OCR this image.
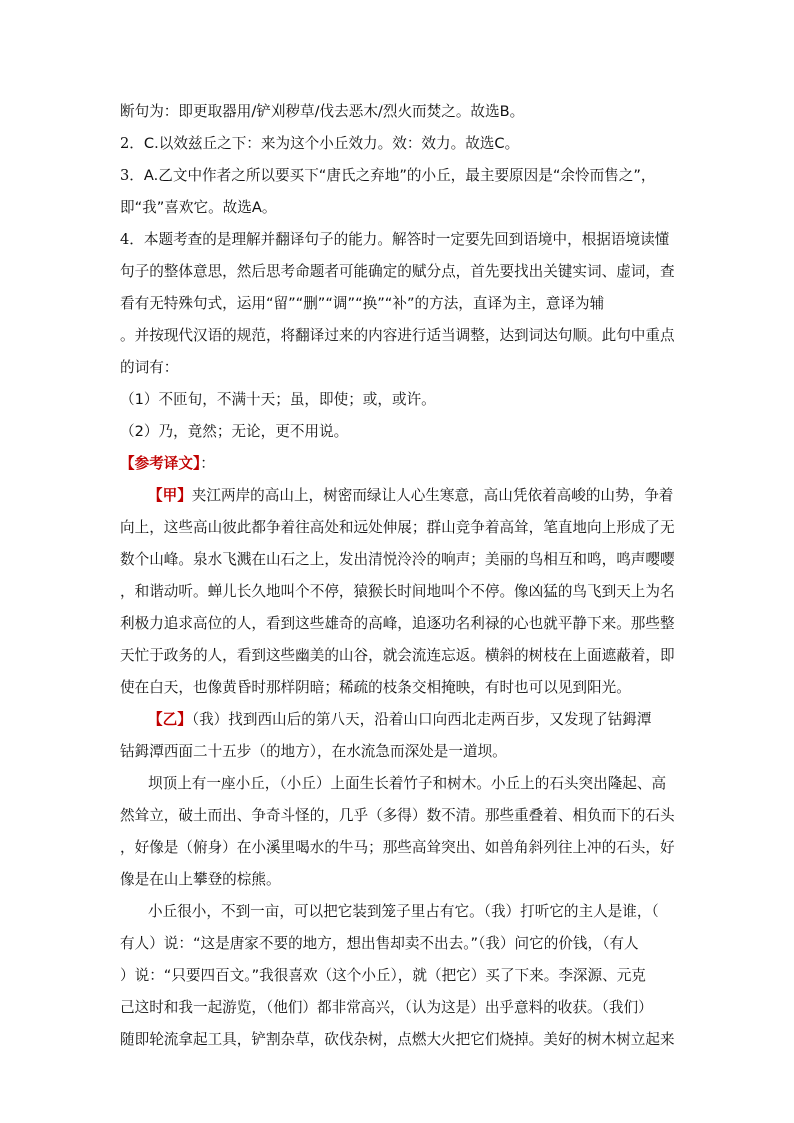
断句为：即更取器用/铲刈秽草/伐去恶木/烈火而焚之。故选B。
2．C.以效兹丘之下：来为这个小丘效力。效：效力。故选C。
3．A.乙文中作者之所以要买下“唐氏之弃地”的小丘，最主要原因是“余怜而售之”，
即“我”喜欢它。故选A。
4．本题考查的是理解并翻译句子的能力。解答时一定要先回到语境中，根据语境读懂
句子的整体意思，然后思考命题者可能确定的赋分点，首先要找出关键实词、虚词，查
看有无特殊句式，运用“留”“删”“调”“换”“补”的方法，直译为主，意译为辅
。并按现代汉语的规范，将翻译过来的内容进行适当调整，达到词达句顺。此句中重点
的词有：
（1）不匝旬，不满十天；虽，即使；或，或许。
（2）乃，竟然；无论，更不用说。
【参考译文】：
【甲】夹江两岸的高山上，树密而绿让人心生寒意，高山凭依着高峻的山势，争着
向上，这些高山彼此都争着往高处和远处伸展；群山竞争着高耸，笔直地向上形成了无
数个山峰。泉水飞溅在山石之上，发出清悦泠泠的响声；美丽的鸟相互和鸣，鸣声嘤嘤
，和谐动听。蝉儿长久地叫个不停，猿猴长时间地叫个不停。像凶猛的鸟飞到天上为名
利极力追求高位的人，看到这些雄奇的高峰，追逐功名利禄的心也就平静下来。那些整
天忙于政务的人，看到这些幽美的山谷，就会流连忘返。横斜的树枝在上面遮蔽着，即
使在白天，也像黄昏时那样阴暗；稀疏的枝条交相掩映，有时也可以见到阳光。
【乙】（我）找到西山后的第八天，沿着山口向西北走两百步，又发现了钴鉧潭
钴鉧潭西面二十五步（的地方），在水流急而深处是一道坝。
坝顶上有一座小丘，（小丘）上面生长着竹子和树木。小丘上的石头突出隆起、高
然耸立，破土而出、争奇斗怪的，几乎（多得）数不清。那些重叠着、相负而下的石头
，好像是（俯身）在小溪里喝水的牛马；那些高耸突出、如兽角斜列往上冲的石头，好
像是在山上攀登的棕熊。
小丘很小，不到一亩，可以把它装到笼子里占有它。（我）打听它的主人是谁，（
有人）说：“这是唐家不要的地方，想出售却卖不出去。”（我）问它的价钱，（有人
）说：“只要四百文。”我很喜欢（这个小丘），就（把它）买了下来。李深源、元克
己这时和我一起游览，（他们）都非常高兴，（认为这是）出乎意料的收获。（我们）
随即轮流拿起工具，铲割杂草，砍伐杂树，点燃大火把它们烧掉。美好的树木树立起来
